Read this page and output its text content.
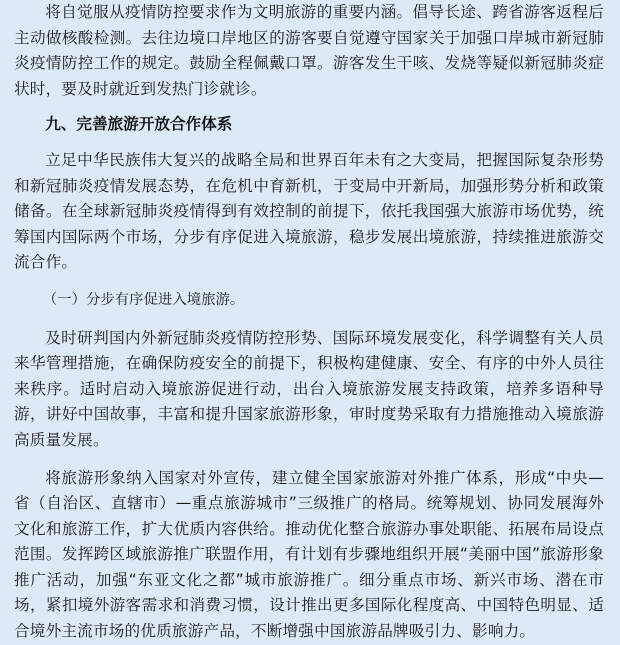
将自觉服从疫情防控要求作为文明旅游的重要内涵。倡导长途、跨省游客返程后主动做核酸检测。去往边境口岸地区的游客要自觉遵守国家关于加强口岸城市新冠肺炎疫情防控工作的规定。鼓励全程佩戴口罩。游客发生干咳、发烧等疑似新冠肺炎症状时，要及时就近到发热门诊就诊。

九、完善旅游开放合作体系

立足中华民族伟大复兴的战略全局和世界百年未有之大变局，把握国际复杂形势和新冠肺炎疫情发展态势，在危机中育新机，于变局中开新局，加强形势分析和政策储备。在全球新冠肺炎疫情得到有效控制的前提下，依托我国强大旅游市场优势，统筹国内国际两个市场，分步有序促进入境旅游，稳步发展出境旅游，持续推进旅游交流合作。

（一）分步有序促进入境旅游。

及时研判国内外新冠肺炎疫情防控形势、国际环境发展变化，科学调整有关人员来华管理措施，在确保防疫安全的前提下，积极构建健康、安全、有序的中外人员往来秩序。适时启动入境旅游促进行动，出台入境旅游发展支持政策，培养多语种导游，讲好中国故事，丰富和提升国家旅游形象，审时度势采取有力措施推动入境旅游高质量发展。

将旅游形象纳入国家对外宣传，建立健全国家旅游对外推广体系，形成“中央—省（自治区、直辖市）—重点旅游城市”三级推广的格局。统筹规划、协同发展海外文化和旅游工作，扩大优质内容供给。推动优化整合旅游办事处职能、拓展布局设点范围。发挥跨区域旅游推广联盟作用，有计划有步骤地组织开展“美丽中国”旅游形象推广活动，加强“东亚文化之都”城市旅游推广。细分重点市场、新兴市场、潜在市场，紧扣境外游客需求和消费习惯，设计推出更多国际化程度高、中国特色明显、适合境外主流市场的优质旅游产品，不断增强中国旅游品牌吸引力、影响力。
